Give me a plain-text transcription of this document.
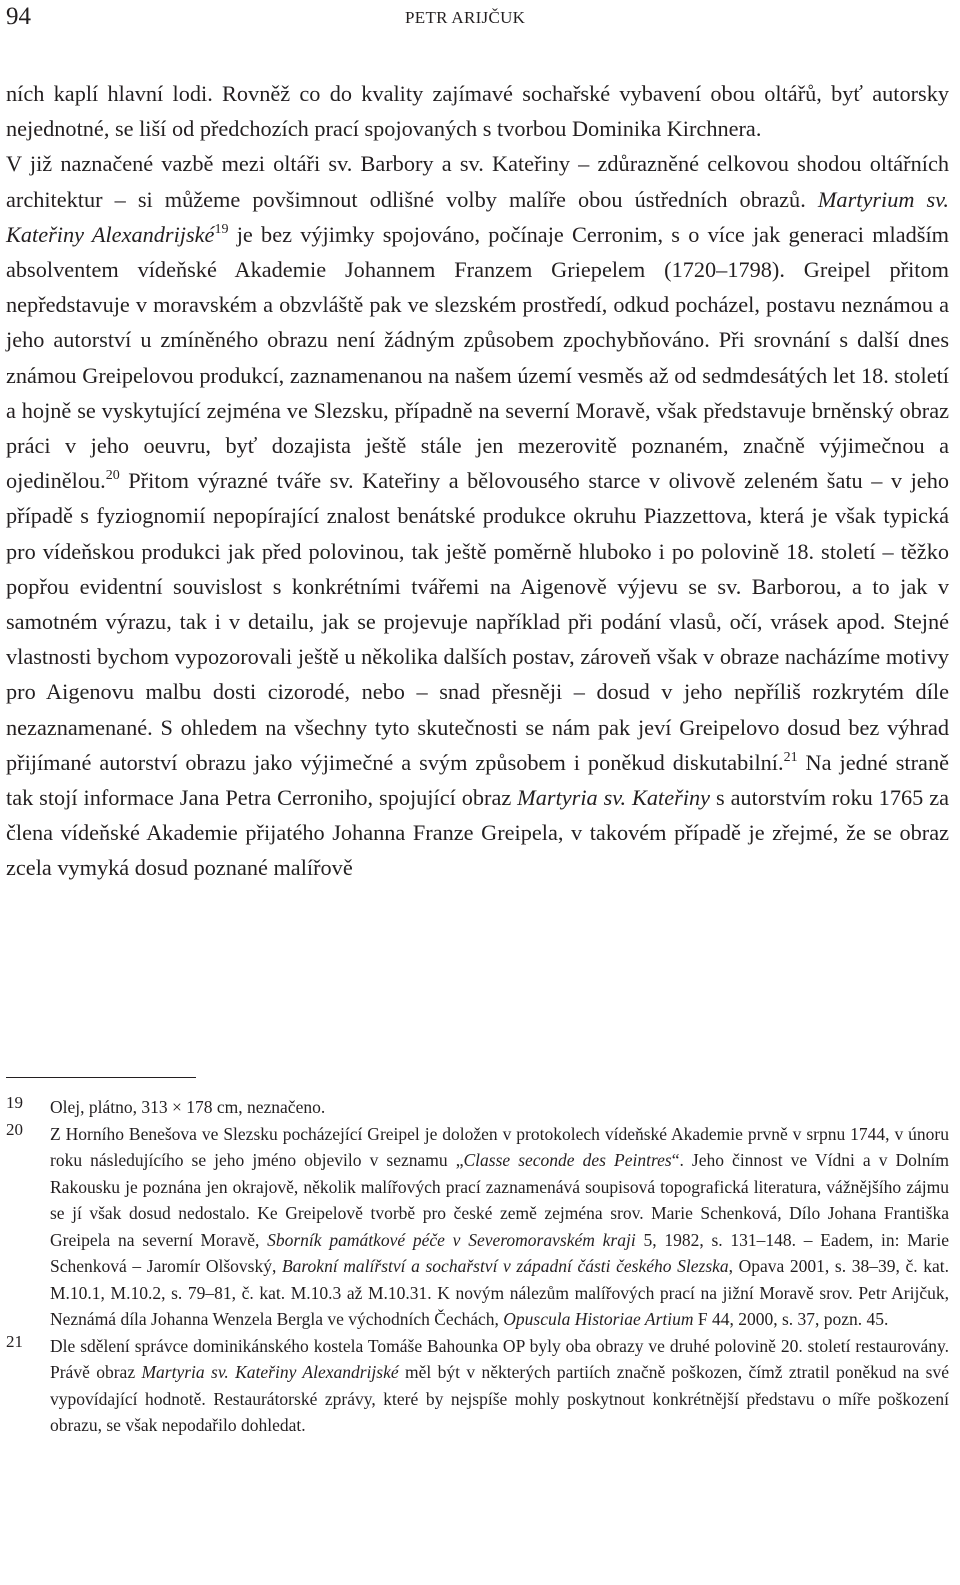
94	PETR ARIJČUK

ních kaplí hlavní lodi. Rovněž co do kvality zajímavé sochařské vybavení obou oltářů, byť autorsky nejednotné, se liší od předchozích prací spojovaných s tvorbou Dominika Kirchnera.

V již naznačené vazbě mezi oltáři sv. Barbory a sv. Kateřiny – zdůrazněné celkovou shodou oltářních architektur – si můžeme povšimnout odlišné volby malíře obou ústředních obrazů. Martyrium sv. Kateřiny Alexandrijské$^{19}$ je bez výjimky spojováno, počínaje Cerronim, s o více jak generaci mladším absolventem vídeňské Akademie Johannem Franzem Griepelem (1720–1798). Greipel přitom nepředstavuje v moravském a obzvláště pak ve slezském prostředí, odkud pocházel, postavu neznámou a jeho autorství u zmíněného obrazu není žádným způsobem zpochybňováno. Při srovnání s další dnes známou Greipelovou produkcí, zaznamenanou na našem území vesměs až od sedmdesátých let 18. století a hojně se vyskytující zejména ve Slezsku, případně na severní Moravě, však představuje brněnský obraz práci v jeho oeuvru, byť dozajista ještě stále jen mezerovitě poznaném, značně výjimečnou a ojedinělou.$^{20}$ Přitom výrazné tváře sv. Kateřiny a bělovousého starce v olivově zeleném šatu – v jeho případě s fyziognomií nepopírající znalost benátské produkce okruhu Piazzettova, která je však typická pro vídeňskou produkci jak před polovinou, tak ještě poměrně hluboko i po polovině 18. století – těžko popřou evidentní souvislost s konkrétními tvářemi na Aigenově výjevu se sv. Barborou, a to jak v samotném výrazu, tak i v detailu, jak se projevuje například při podání vlasů, očí, vrásek apod. Stejné vlastnosti bychom vypozorovali ještě u několika dalších postav, zároveň však v obraze nacházíme motivy pro Aigenovu malbu dosti cizorodé, nebo – snad přesněji – dosud v jeho nepříliš rozkrytém díle nezaznamenané. S ohledem na všechny tyto skutečnosti se nám pak jeví Greipelovo dosud bez výhrad přijímané autorství obrazu jako výjimečné a svým způsobem i poněkud diskutabilní.$^{21}$ Na jedné straně tak stojí informace Jana Petra Cerroniho, spojující obraz Martyria sv. Kateřiny s autorstvím roku 1765 za člena vídeňské Akademie přijatého Johanna Franze Greipela, v takovém případě je zřejmé, že se obraz zcela vymyká dosud poznané malířově

19 Olej, plátno, 313 × 178 cm, neznačeno.
20 Z Horního Benešova ve Slezsku pocházející Greipel je doložen v protokolech vídeňské Akademie prvně v srpnu 1744, v únoru roku následujícího se jeho jméno objevilo v seznamu „Classe seconde des Peintres“. Jeho činnost ve Vídni a v Dolním Rakousku je poznána jen okrajově, několik malířových prací zaznamenává soupisová topografická literatura, vážnějšího zájmu se jí však dosud nedostalo. Ke Greipelově tvorbě pro české země zejména srov. Marie Schenková, Dílo Johana Františka Greipela na severní Moravě, Sborník památkové péče v Severomoravském kraji 5, 1982, s. 131–148. – Eadem, in: Marie Schenková – Jaromír Olšovský, Barokní malířství a sochařství v západní části českého Slezska, Opava 2001, s. 38–39, č. kat. M.10.1, M.10.2, s. 79–81, č. kat. M.10.3 až M.10.31. K novým nálezům malířových prací na jižní Moravě srov. Petr Arijčuk, Neznámá díla Johanna Wenzela Bergla ve východních Čechách, Opuscula Historiae Artium F 44, 2000, s. 37, pozn. 45.
21 Dle sdělení správce dominikánského kostela Tomáše Bahounka OP byly oba obrazy ve druhé polovině 20. století restaurovány. Právě obraz Martyria sv. Kateřiny Alexandrijské měl být v některých partiích značně poškozen, čímž ztratil poněkud na své vypovídající hodnotě. Restaurátorské zprávy, které by nejspíše mohly poskytnout konkrétnější představu o míře poškození obrazu, se však nepodařilo dohledat.
